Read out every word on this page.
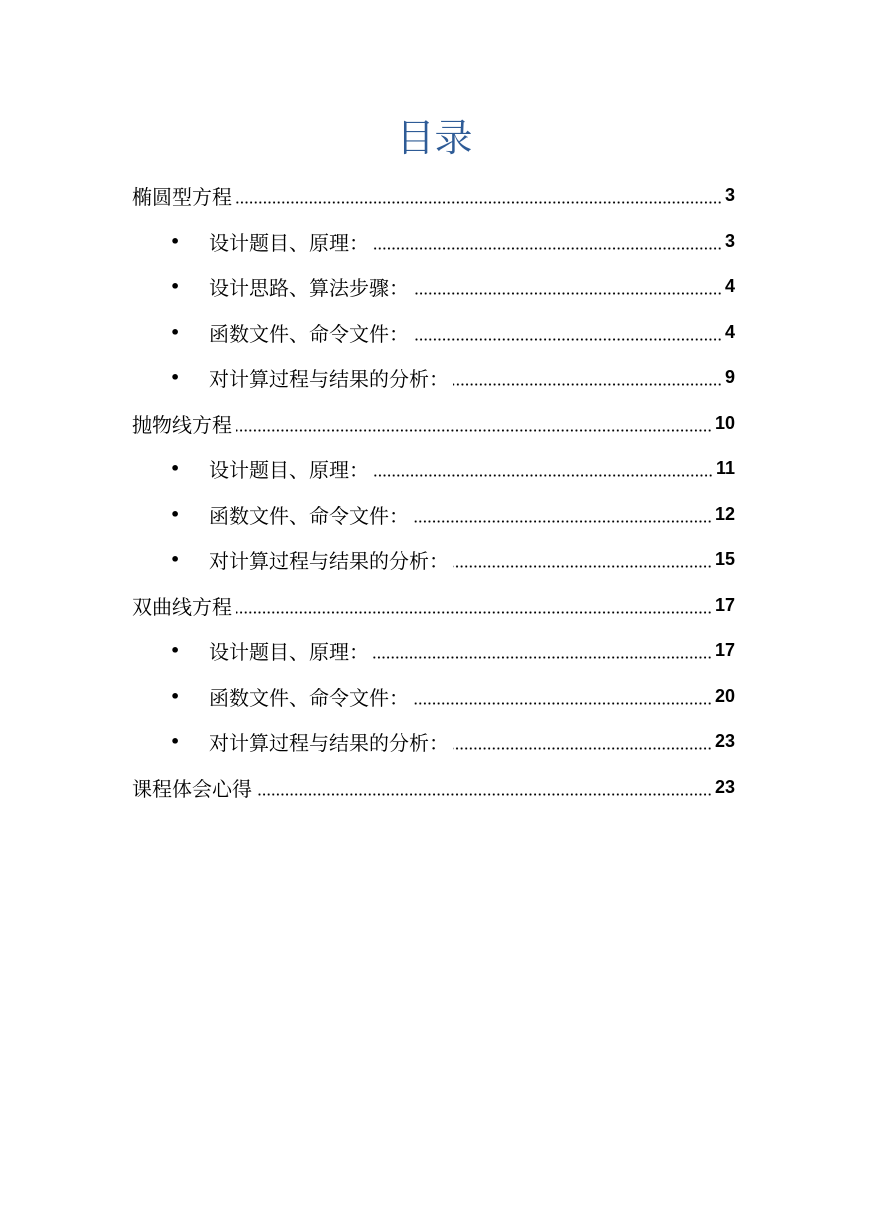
目录
椭圆型方程	3
• 设计题目、原理：	3
• 设计思路、算法步骤：	4
• 函数文件、命令文件：	4
• 对计算过程与结果的分析：	9
抛物线方程	10
• 设计题目、原理：	11
• 函数文件、命令文件：	12
• 对计算过程与结果的分析：	15
双曲线方程	17
• 设计题目、原理：	17
• 函数文件、命令文件：	20
• 对计算过程与结果的分析：	23
课程体会心得	23
